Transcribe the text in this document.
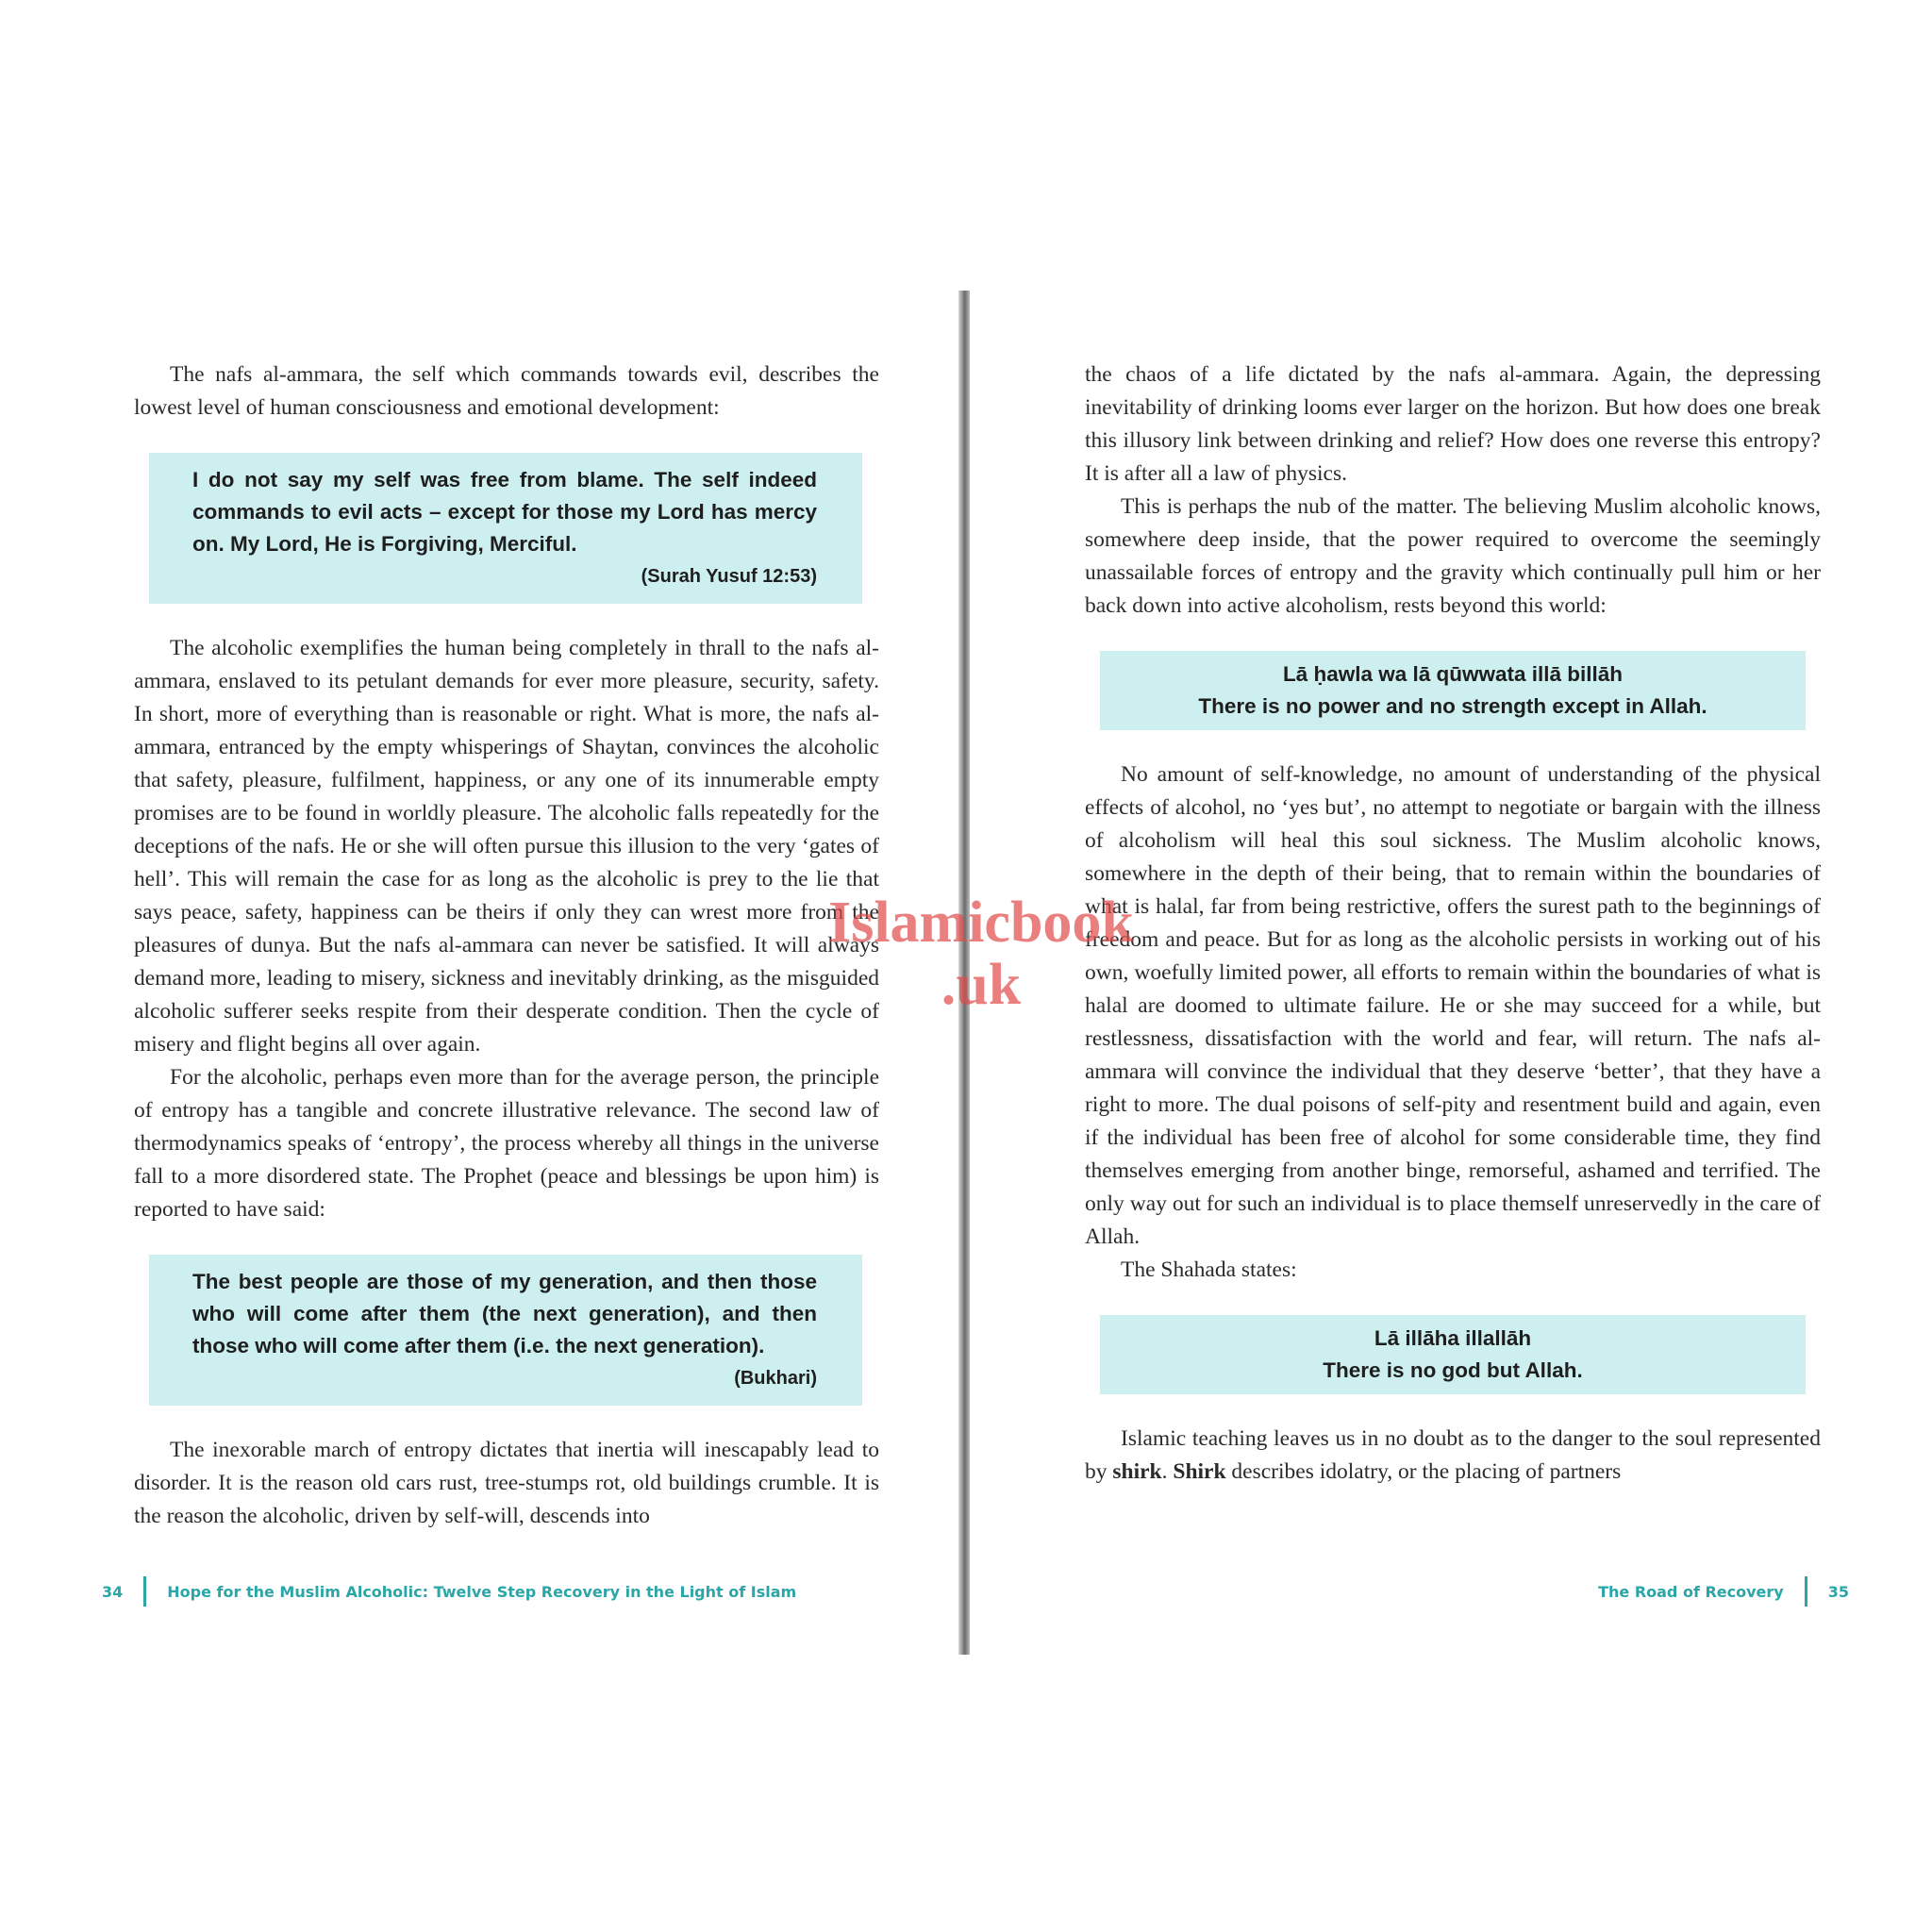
The nafs al-ammara, the self which commands towards evil, describes the lowest level of human consciousness and emotional development:

I do not say my self was free from blame. The self indeed commands to evil acts – except for those my Lord has mercy on. My Lord, He is Forgiving, Merciful.
(Surah Yusuf 12:53)

The alcoholic exemplifies the human being completely in thrall to the nafs al-ammara, enslaved to its petulant demands for ever more pleasure, security, safety. In short, more of everything than is reasonable or right. What is more, the nafs al-ammara, entranced by the empty whisperings of Shaytan, convinces the alcoholic that safety, pleasure, fulfilment, happiness, or any one of its innumerable empty promises are to be found in worldly pleasure. The alcoholic falls repeatedly for the deceptions of the nafs. He or she will often pursue this illusion to the very ‘gates of hell’. This will remain the case for as long as the alcoholic is prey to the lie that says peace, safety, happiness can be theirs if only they can wrest more from the pleasures of dunya. But the nafs al-ammara can never be satisfied. It will always demand more, leading to misery, sickness and inevitably drinking, as the misguided alcoholic sufferer seeks respite from their desperate condition. Then the cycle of misery and flight begins all over again.

For the alcoholic, perhaps even more than for the average person, the principle of entropy has a tangible and concrete illustrative relevance. The second law of thermodynamics speaks of ‘entropy’, the process whereby all things in the universe fall to a more disordered state. The Prophet (peace and blessings be upon him) is reported to have said:

The best people are those of my generation, and then those who will come after them (the next generation), and then those who will come after them (i.e. the next generation).
(Bukhari)

The inexorable march of entropy dictates that inertia will inescapably lead to disorder. It is the reason old cars rust, tree-stumps rot, old buildings crumble. It is the reason the alcoholic, driven by self-will, descends into

the chaos of a life dictated by the nafs al-ammara. Again, the depressing inevitability of drinking looms ever larger on the horizon. But how does one break this illusory link between drinking and relief? How does one reverse this entropy? It is after all a law of physics.

This is perhaps the nub of the matter. The believing Muslim alcoholic knows, somewhere deep inside, that the power required to overcome the seemingly unassailable forces of entropy and the gravity which continually pull him or her back down into active alcoholism, rests beyond this world:

Lā ḥawla wa lā qūwwata illā billāh
There is no power and no strength except in Allah.

No amount of self-knowledge, no amount of understanding of the physical effects of alcohol, no ‘yes but’, no attempt to negotiate or bargain with the illness of alcoholism will heal this soul sickness. The Muslim alcoholic knows, somewhere in the depth of their being, that to remain within the boundaries of what is halal, far from being restrictive, offers the surest path to the beginnings of freedom and peace. But for as long as the alcoholic persists in working out of his own, woefully limited power, all efforts to remain within the boundaries of what is halal are doomed to ultimate failure. He or she may succeed for a while, but restlessness, dissatisfaction with the world and fear, will return. The nafs al-ammara will convince the individual that they deserve ‘better’, that they have a right to more. The dual poisons of self-pity and resentment build and again, even if the individual has been free of alcohol for some considerable time, they find themselves emerging from another binge, remorseful, ashamed and terrified. The only way out for such an individual is to place themself unreservedly in the care of Allah.

The Shahada states:

Lā illāha illallāh
There is no god but Allah.

Islamic teaching leaves us in no doubt as to the danger to the soul represented by shirk. Shirk describes idolatry, or the placing of partners

34	Hope for the Muslim Alcoholic: Twelve Step Recovery in the Light of Islam	The Road of Recovery	35
Islamicbook
.uk
